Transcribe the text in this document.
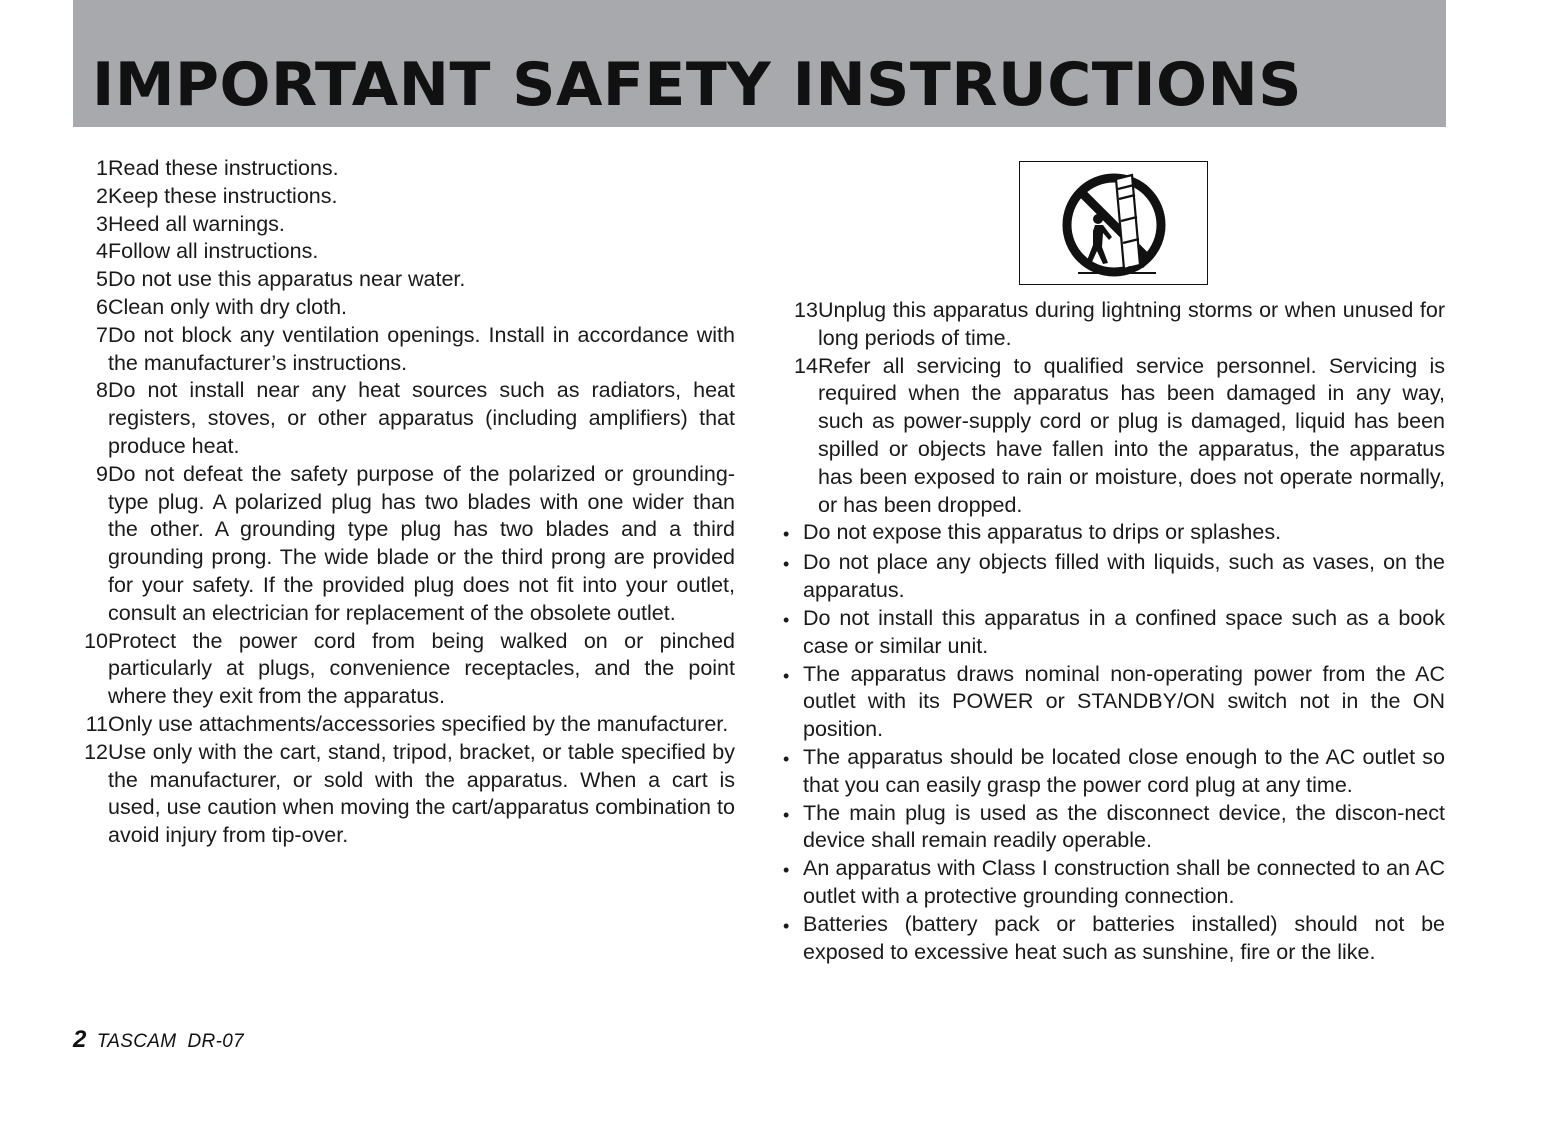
IMPORTANT SAFETY INSTRUCTIONS
1 Read these instructions.
2 Keep these instructions.
3 Heed all warnings.
4 Follow all instructions.
5 Do not use this apparatus near water.
6 Clean only with dry cloth.
7 Do not block any ventilation openings. Install in accordance with the manufacturer’s instructions.
8 Do not install near any heat sources such as radiators, heat registers, stoves, or other apparatus (including amplifiers) that produce heat.
9 Do not defeat the safety purpose of the polarized or grounding-type plug. A polarized plug has two blades with one wider than the other. A grounding type plug has two blades and a third grounding prong. The wide blade or the third prong are provided for your safety. If the provided plug does not fit into your outlet, consult an electrician for replacement of the obsolete outlet.
10 Protect the power cord from being walked on or pinched particularly at plugs, convenience receptacles, and the point where they exit from the apparatus.
11 Only use attachments/accessories specified by the manufacturer.
12 Use only with the cart, stand, tripod, bracket, or table specified by the manufacturer, or sold with the apparatus. When a cart is used, use caution when moving the cart/apparatus combination to avoid injury from tip-over.
13 Unplug this apparatus during lightning storms or when unused for long periods of time.
14 Refer all servicing to qualified service personnel. Servicing is required when the apparatus has been damaged in any way, such as power-supply cord or plug is damaged, liquid has been spilled or objects have fallen into the apparatus, the apparatus has been exposed to rain or moisture, does not operate normally, or has been dropped.
• Do not expose this apparatus to drips or splashes.
• Do not place any objects filled with liquids, such as vases, on the apparatus.
• Do not install this apparatus in a confined space such as a book case or similar unit.
• The apparatus draws nominal non-operating power from the AC outlet with its POWER or STANDBY/ON switch not in the ON position.
• The apparatus should be located close enough to the AC outlet so that you can easily grasp the power cord plug at any time.
• The main plug is used as the disconnect device, the discon-nect device shall remain readily operable.
• An apparatus with Class I construction shall be connected to an AC outlet with a protective grounding connection.
• Batteries (battery pack or batteries installed) should not be exposed to excessive heat such as sunshine, fire or the like.
2 TASCAM  DR-07
